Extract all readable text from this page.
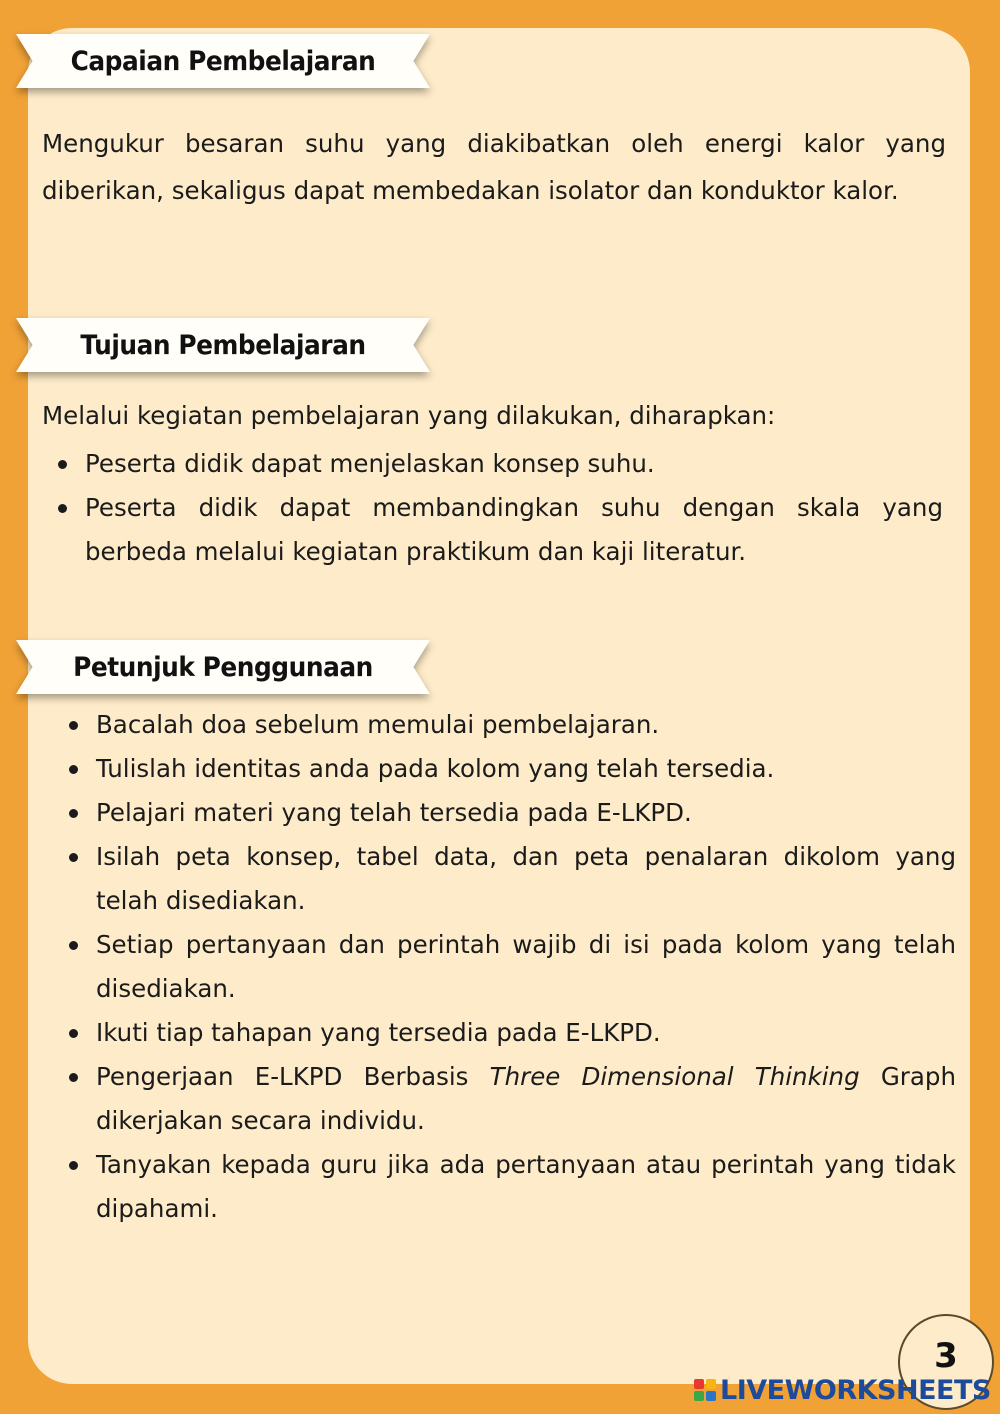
Capaian Pembelajaran

Mengukur besaran suhu yang diakibatkan oleh energi kalor yang diberikan, sekaligus dapat membedakan isolator dan konduktor kalor.

Tujuan Pembelajaran

Melalui kegiatan pembelajaran yang dilakukan, diharapkan:

Peserta didik dapat menjelaskan konsep suhu.
Peserta didik dapat membandingkan suhu dengan skala yang berbeda melalui kegiatan praktikum dan kaji literatur.
Petunjuk Penggunaan
Bacalah doa sebelum memulai pembelajaran.
Tulislah identitas anda pada kolom yang telah tersedia.
Pelajari materi yang telah tersedia pada E-LKPD.
Isilah peta konsep, tabel data, dan peta penalaran dikolom yang telah disediakan.
Setiap pertanyaan dan perintah wajib di isi pada kolom yang telah disediakan.
Ikuti tiap tahapan yang tersedia pada E-LKPD.
Pengerjaan E-LKPD Berbasis Three Dimensional Thinking Graph dikerjakan secara individu.
Tanyakan kepada guru jika ada pertanyaan atau perintah yang tidak dipahami.
3
LIVEWORKSHEETS
